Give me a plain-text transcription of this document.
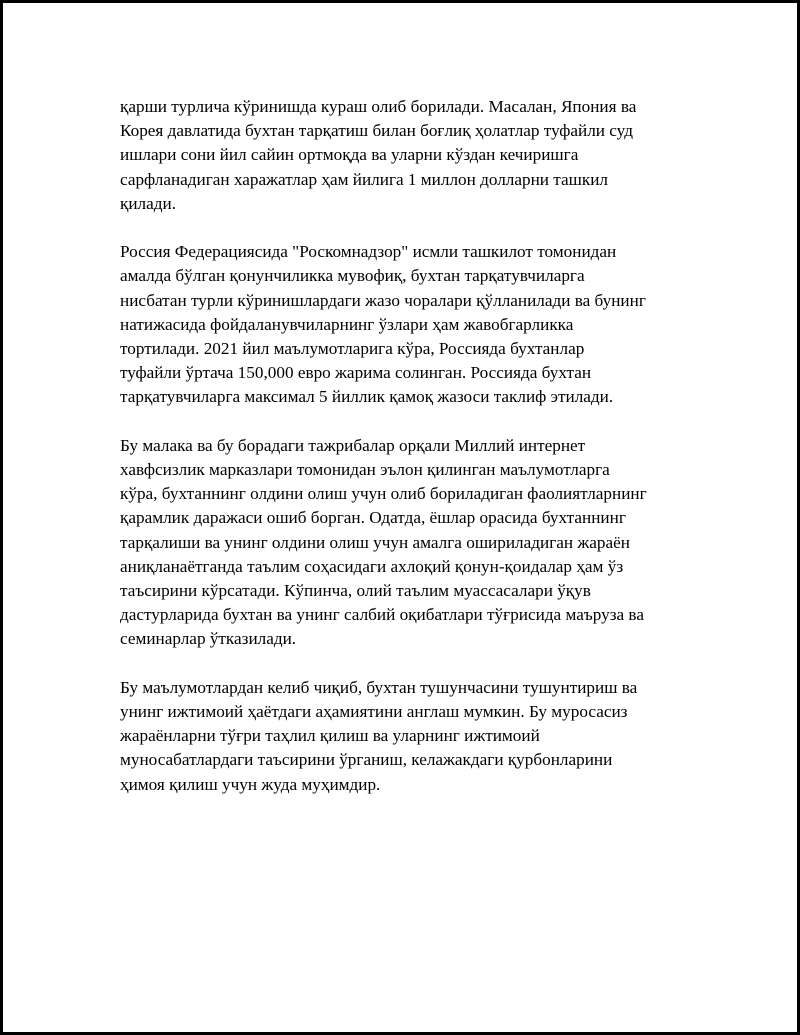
қарши турлича кўринишда кураш олиб борилади. Масалан, Япония ва
Корея давлатида бухтан тарқатиш билан боғлиқ ҳолатлар туфайли суд
ишлари сони йил сайин ортмоқда ва уларни кўздан кечиришга
сарфланадиган харажатлар ҳам йилига 1 миллон долларни ташкил
қилади.

Россия Федерациясида "Роскомнадзор" исмли ташкилот томонидан
амалда бўлган қонунчиликка мувофиқ, бухтан тарқатувчиларга
нисбатан турли кўринишлардаги жазо чоралари қўлланилади ва бунинг
натижасида фойдаланувчиларнинг ўзлари ҳам жавобгарликка
тортилади. 2021 йил маълумотларига кўра, Россияда бухтанлар
туфайли ўртача 150,000 евро жарима солинган. Россияда бухтан
тарқатувчиларга максимал 5 йиллик қамоқ жазоси таклиф этилади.

Бу малака ва бу борадаги тажрибалар орқали Миллий интернет
хавфсизлик марказлари томонидан эълон қилинган маълумотларга
кўра, бухтаннинг олдини олиш учун олиб бориладиган фаолиятларнинг
қарамлик даражаси ошиб борган. Одатда, ёшлар орасида бухтаннинг
тарқалиши ва унинг олдини олиш учун амалга ошириладиган жараён
аниқланаётганда таълим соҳасидаги ахлоқий қонун-қоидалар ҳам ўз
таъсирини кўрсатади. Кўпинча, олий таълим муассасалари ўқув
дастурларида бухтан ва унинг салбий оқибатлари тўғрисида маъруза ва
семинарлар ўтказилади.

Бу маълумотлардан келиб чиқиб, бухтан тушунчасини тушунтириш ва
унинг ижтимоий ҳаётдаги аҳамиятини англаш мумкин. Бу муросасиз
жараёнларни тўғри таҳлил қилиш ва уларнинг ижтимоий
муносабатлардаги таъсирини ўрганиш, келажакдаги қурбонларини
ҳимоя қилиш учун жуда муҳимдир.
